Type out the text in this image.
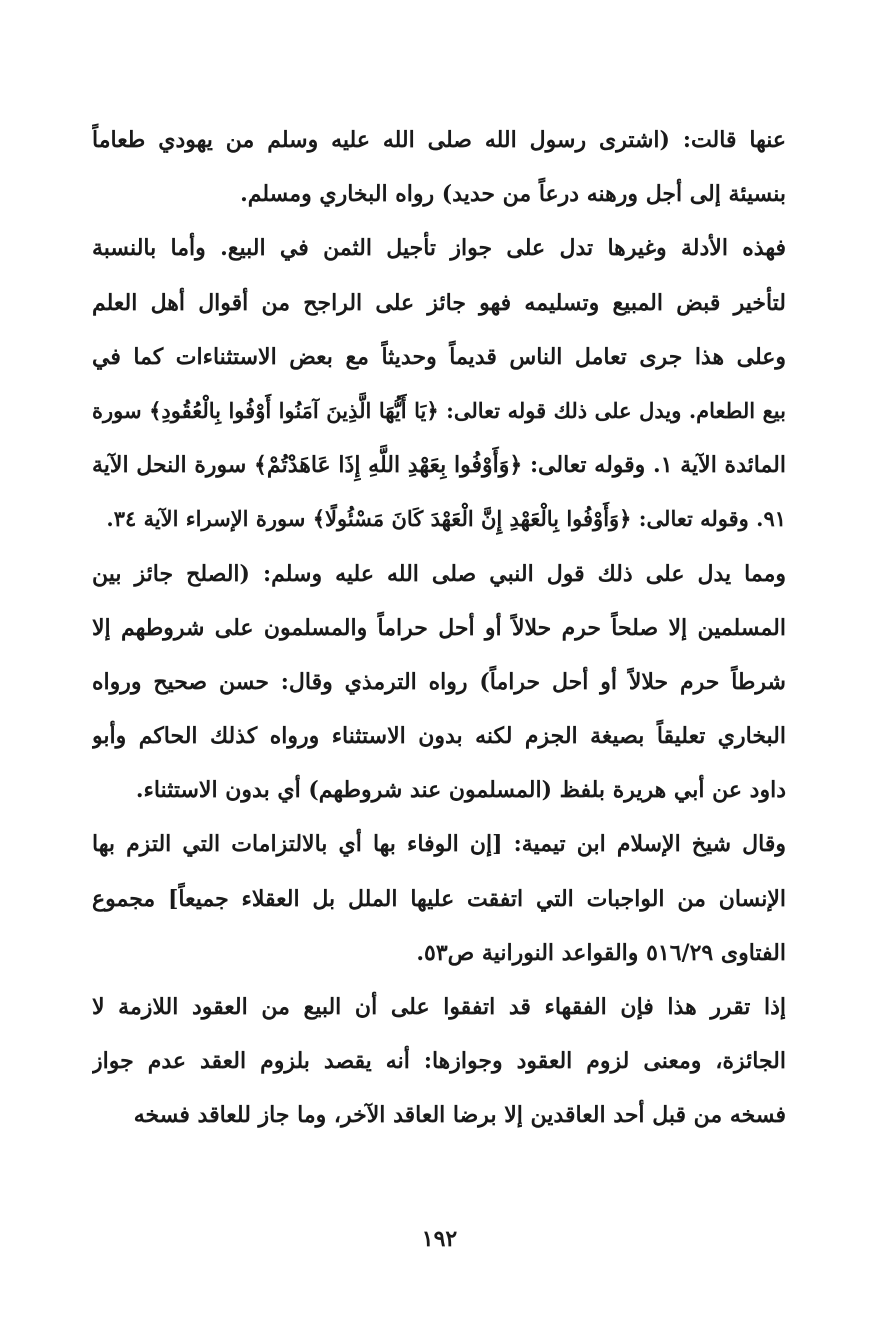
عنها قالت: (اشترى رسول الله صلى الله عليه وسلم من يهودي طعاماً
بنسيئة إلى أجل ورهنه درعاً من حديد) رواه البخاري ومسلم.
فهذه الأدلة وغيرها تدل على جواز تأجيل الثمن في البيع. وأما بالنسبة
لتأخير قبض المبيع وتسليمه فهو جائز على الراجح من أقوال أهل العلم
وعلى هذا جرى تعامل الناس قديماً وحديثاً مع بعض الاستثناءات كما في
بيع الطعام. ويدل على ذلك قوله تعالى: ﴿يَا أَيُّهَا الَّذِينَ آمَنُوا أَوْفُوا بِالْعُقُودِ﴾ سورة
المائدة الآية ١. وقوله تعالى: ﴿وَأَوْفُوا بِعَهْدِ اللَّهِ إِذَا عَاهَدْتُمْ﴾ سورة النحل الآية
٩١. وقوله تعالى: ﴿وَأَوْفُوا بِالْعَهْدِ إِنَّ الْعَهْدَ كَانَ مَسْئُولًا﴾ سورة الإسراء الآية ٣٤.
ومما يدل على ذلك قول النبي صلى الله عليه وسلم: (الصلح جائز بين
المسلمين إلا صلحاً حرم حلالاً أو أحل حراماً والمسلمون على شروطهم إلا
شرطاً حرم حلالاً أو أحل حراماً) رواه الترمذي وقال: حسن صحيح ورواه
البخاري تعليقاً بصيغة الجزم لكنه بدون الاستثناء ورواه كذلك الحاكم وأبو
داود عن أبي هريرة بلفظ (المسلمون عند شروطهم) أي بدون الاستثناء.
وقال شيخ الإسلام ابن تيمية: [إن الوفاء بها أي بالالتزامات التي التزم بها
الإنسان من الواجبات التي اتفقت عليها الملل بل العقلاء جميعاً] مجموع
الفتاوى ٥١٦/٢٩ والقواعد النورانية ص٥٣.
إذا تقرر هذا فإن الفقهاء قد اتفقوا على أن البيع من العقود اللازمة لا
الجائزة، ومعنى لزوم العقود وجوازها: أنه يقصد بلزوم العقد عدم جواز
فسخه من قبل أحد العاقدين إلا برضا العاقد الآخر، وما جاز للعاقد فسخه
١٩٢
